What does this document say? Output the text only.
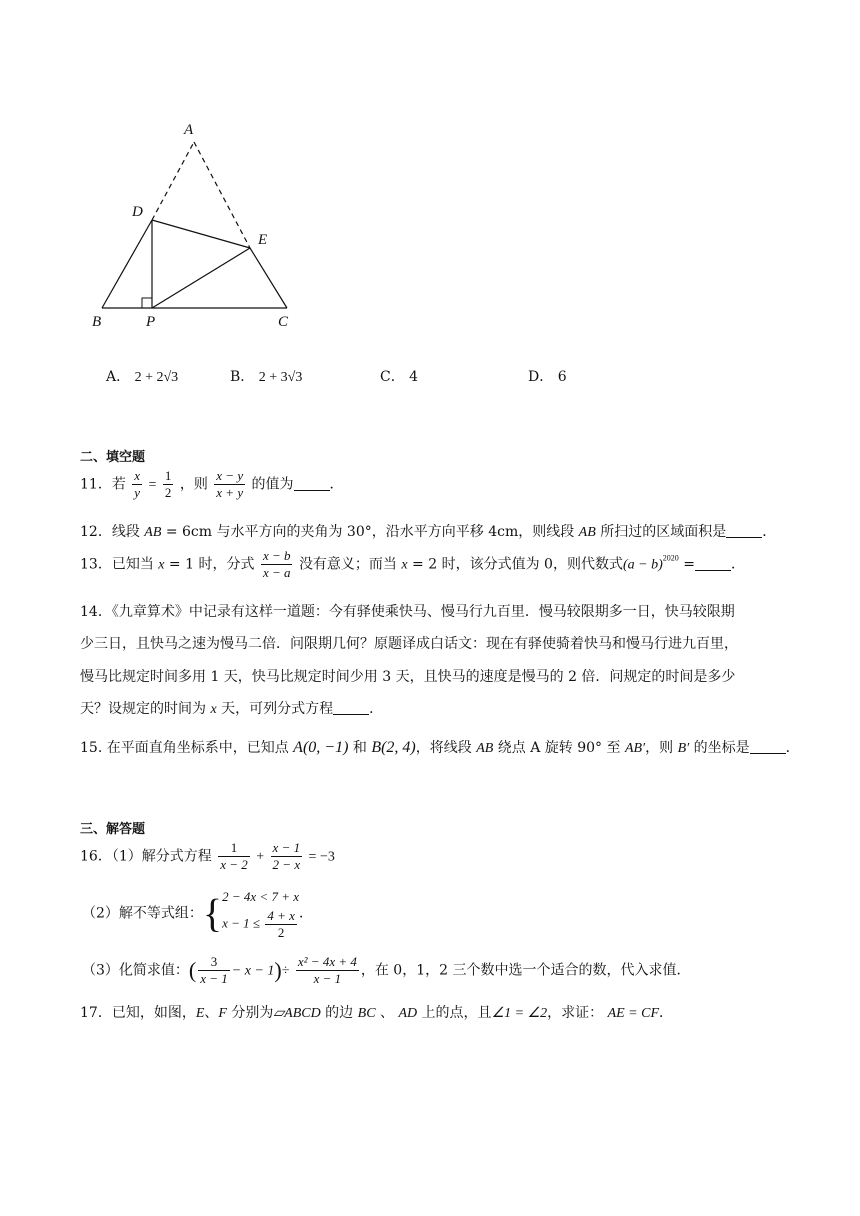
A
D
E
B	P	C
A． 2 + 2√3	B． 2 + 3√3	C． 4	D． 6
二、填空题
11．若 $\frac{x}{y} = \frac{1}{2}$ ，则 $\frac{x - y}{x + y}$ 的值为	．
12．线段 AB = 6cm 与水平方向的夹角为 30°，沿水平方向平移 4cm，则线段 AB 所扫过的区域面积是	．
13．已知当 x = 1 时，分式 $\frac{x - b}{x - a}$ 没有意义；而当 x = 2 时，该分式值为 0，则代数式$(a - b)^{2020}$ =	．
14．《九章算术》中记录有这样一道题：今有驿使乘快马、慢马行九百里．慢马较限期多一日，快马较限期
少三日，且快马之速为慢马二倍．问限期几何？原题译成白话文：现在有驿使骑着快马和慢马行进九百里，
慢马比规定时间多用 1 天，快马比规定时间少用 3 天，且快马的速度是慢马的 2 倍．问规定的时间是多少
天？设规定的时间为 x 天，可列分式方程	．
15. 在平面直角坐标系中，已知点 A(0, −1) 和 B(2, 4)，将线段 AB 绕点 A 旋转 90° 至 AB′，则 B′ 的坐标是	．
三、解答题
16．（1）解分式方程 $\frac{1}{x - 2} + \frac{x - 1}{2 - x} = -3$
（2）解不等式组：{ 2 − 4x < 7 + x
$x - 1 \le \frac{4 + x}{2}$ ．
（3）化简求值：( $\frac{3}{x - 1} - x - 1)\div \frac{\text{x² − 4x + 4}}{x - 1}$ ，在 0，1，2 三个数中选一个适合的数，代入求值．
17．已知，如图，E、F 分别为▱ABCD 的边 BC 、 AD 上的点，且∠1 = ∠2，求证： AE = CF．
